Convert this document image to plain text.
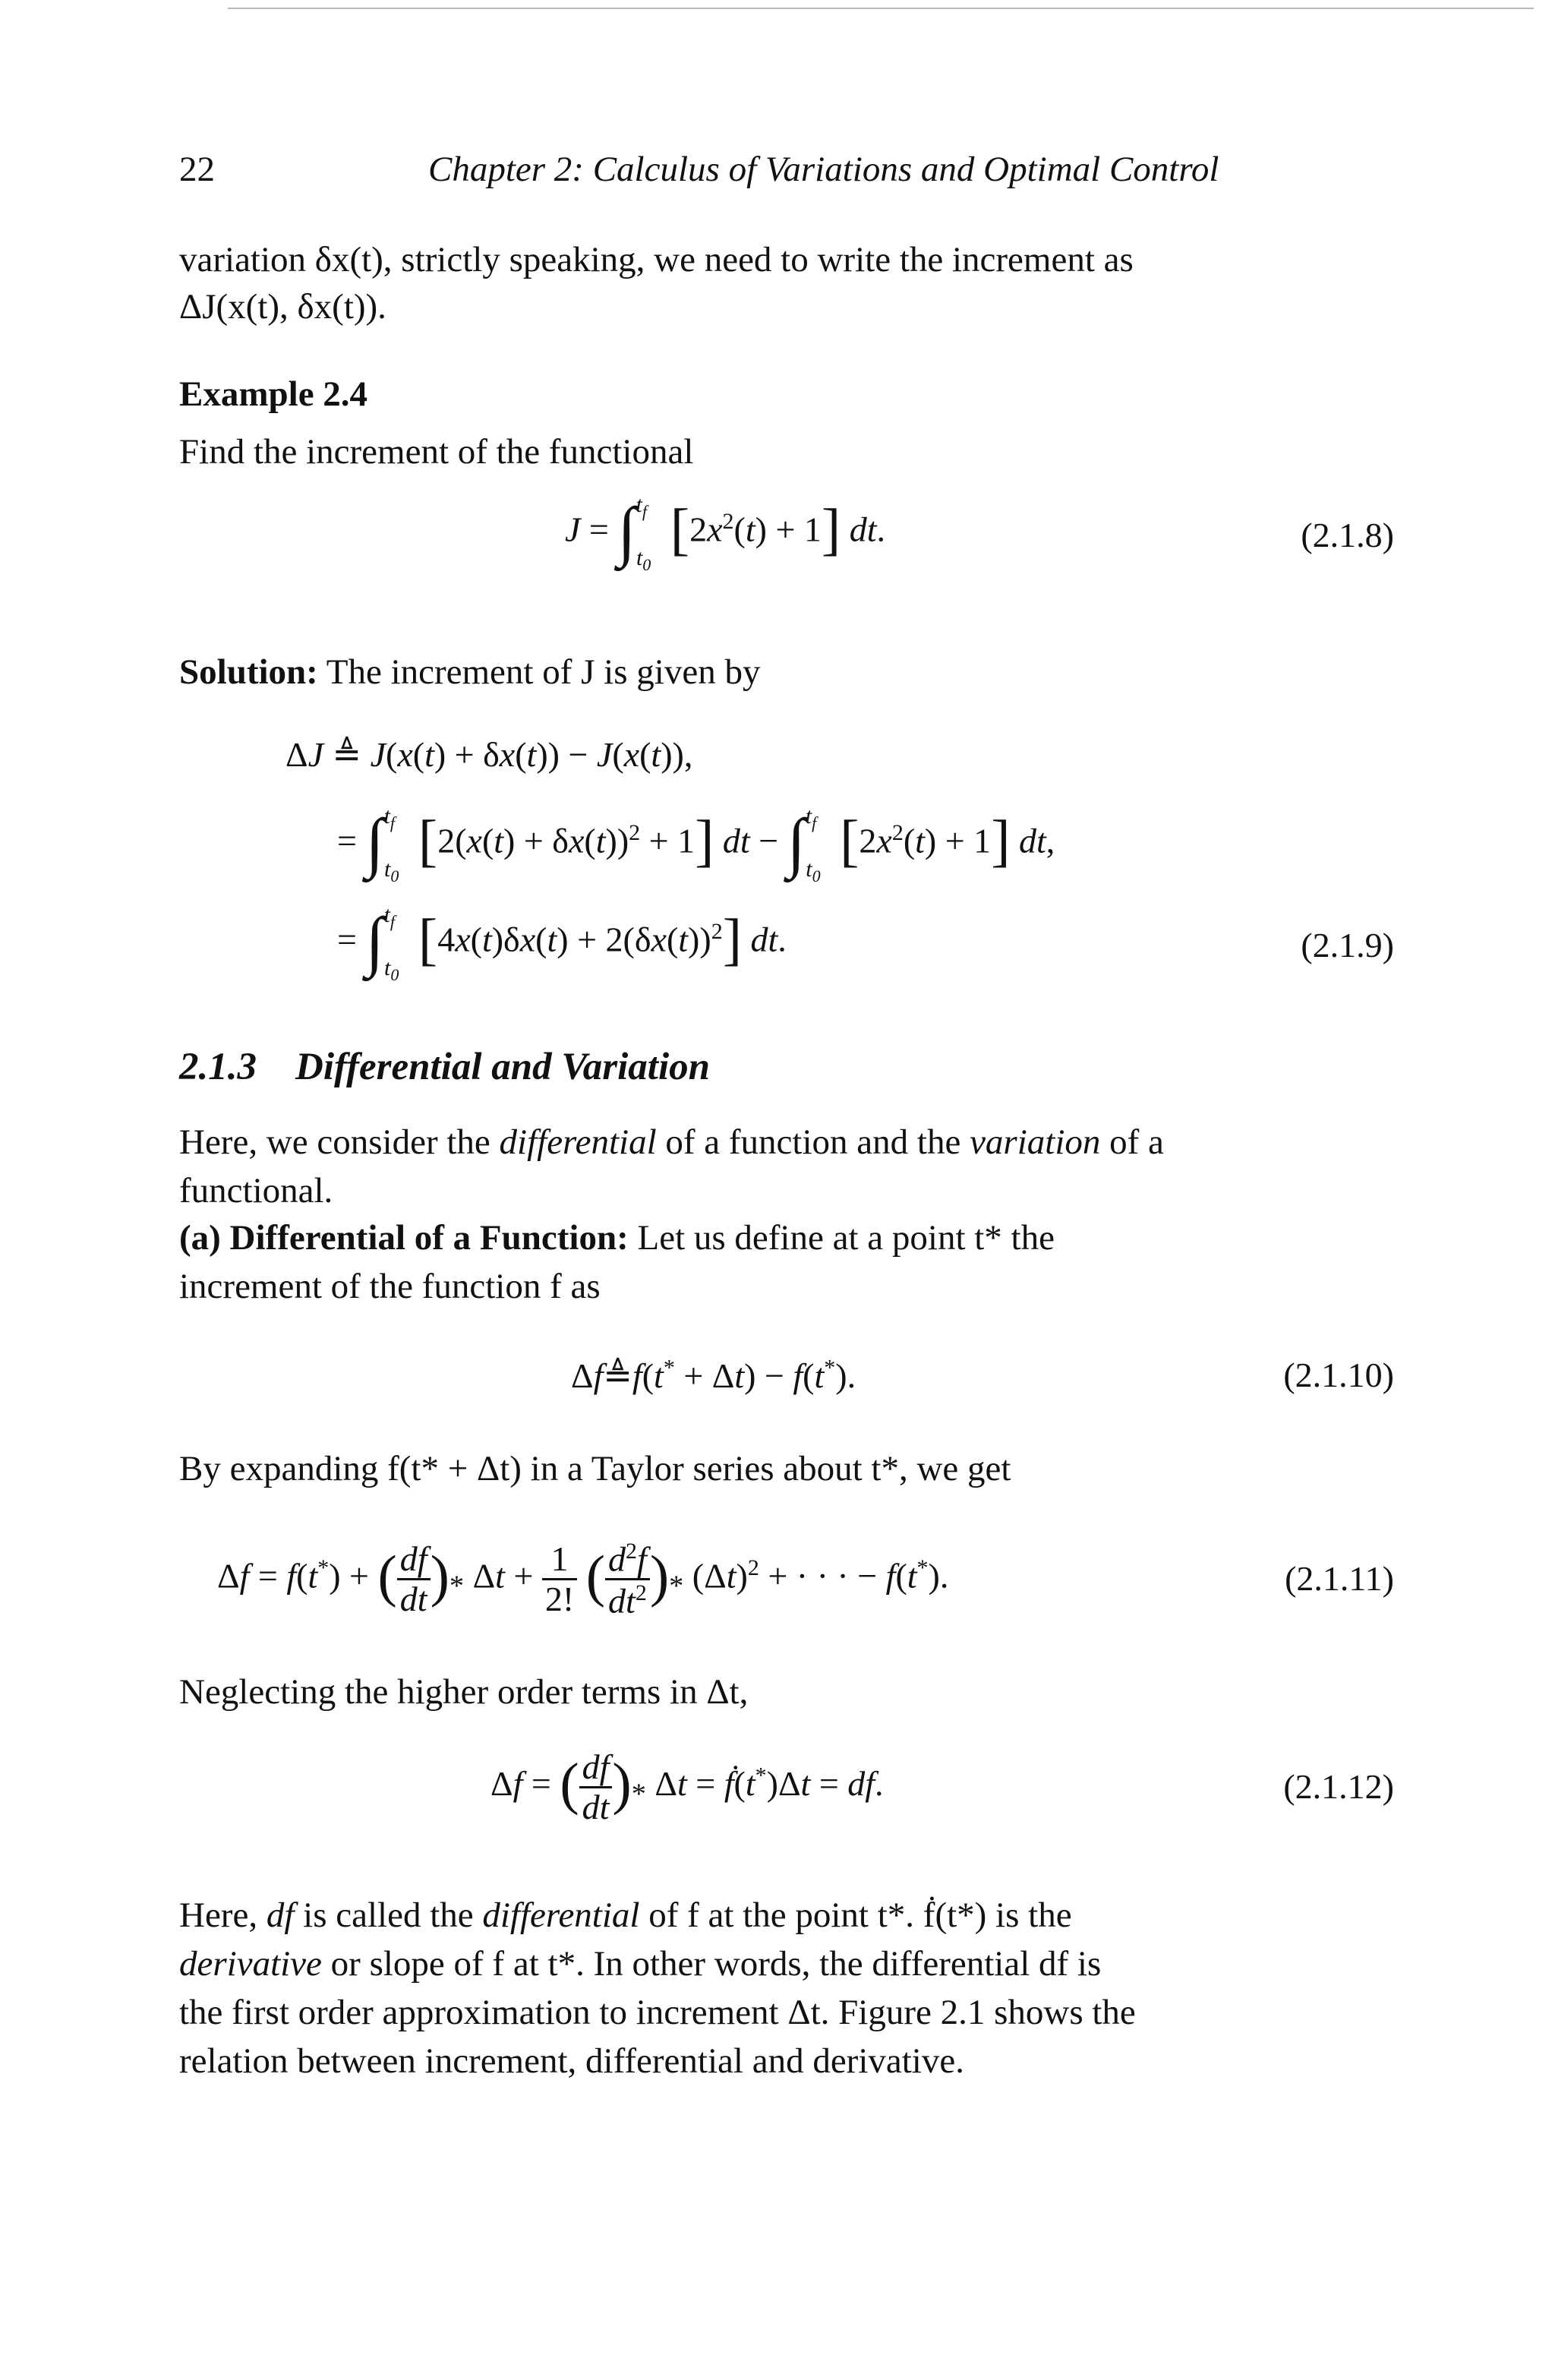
22	Chapter 2: Calculus of Variations and Optimal Control
variation δx(t), strictly speaking, we need to write the increment as
ΔJ(x(t), δx(t)).
Example 2.4
Find the increment of the functional
J = ∫$^{t_f}_{t_0}$ $[2x^2(t) + 1]$ dt.	(2.1.8)
Solution: The increment of J is given by
ΔJ ≜ J(x(t) + δx(t)) − J(x(t)),
= ∫$^{t_f}_{t_0}$ $[2(x(t) + \delta x(t))^2 + 1]$ dt − ∫$^{t_f}_{t_0}$ $[2x^2(t) + 1]$ dt,
= ∫$^{t_f}_{t_0}$ $[4x(t)\delta x(t) + 2(\delta x(t))^2]$ dt.	(2.1.9)
2.1.3 Differential and Variation
Here, we consider the differential of a function and the variation of a
functional.
(a) Differential of a Function: Let us define at a point t* the
increment of the function f as
Δf≜f(t* + Δt) − f(t*).	(2.1.10)
By expanding f(t* + Δt) in a Taylor series about t*, we get
Δf = f(t*) + ( $\frac{df}{dt} )_*$ $\Delta t + \frac{1}{2!}$ ( $\frac{d^2f}{dt^2} )_*$ $(\Delta t)^2$ + · · · − f(t*).	(2.1.11)
Neglecting the higher order terms in Δt,
Δf = ( $\frac{df}{dt} )_*$ Δt = ḟ(t*)Δt = df.	(2.1.12)
Here, df is called the differential of f at the point t*. ḟ(t*) is the
derivative or slope of f at t*. In other words, the differential df is
the first order approximation to increment Δt. Figure 2.1 shows the
relation between increment, differential and derivative.
